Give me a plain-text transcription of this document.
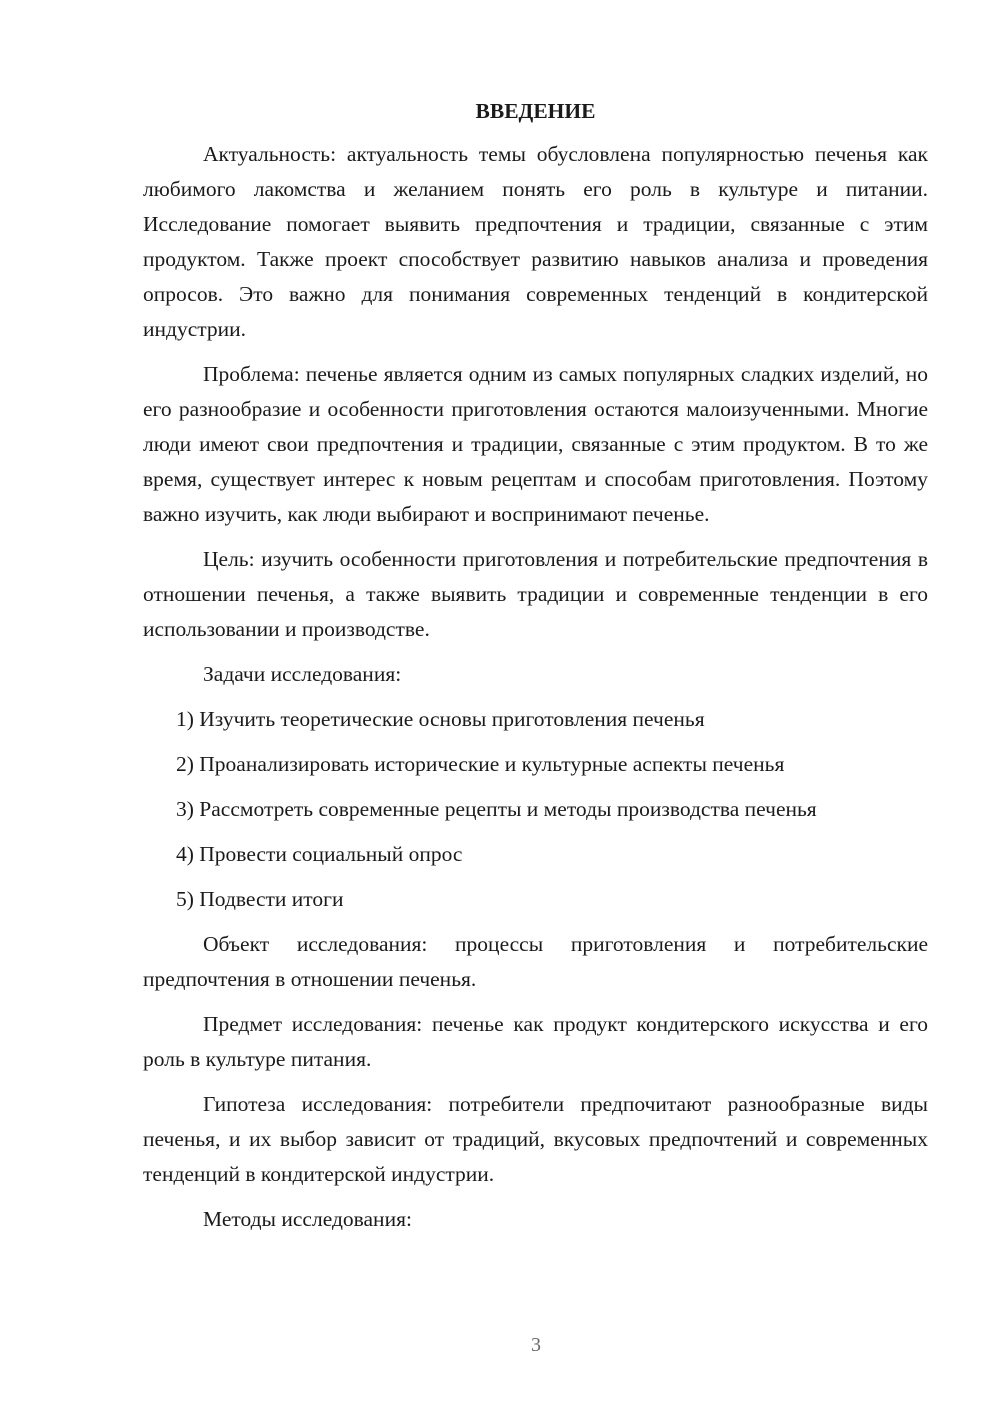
ВВЕДЕНИЕ

Актуальность: актуальность темы обусловлена популярностью печенья как любимого лакомства и желанием понять его роль в культуре и питании. Исследование помогает выявить предпочтения и традиции, связанные с этим продуктом. Также проект способствует развитию навыков анализа и проведения опросов. Это важно для понимания современных тенденций в кондитерской индустрии.

Проблема: печенье является одним из самых популярных сладких изделий, но его разнообразие и особенности приготовления остаются малоизученными. Многие люди имеют свои предпочтения и традиции, связанные с этим продуктом. В то же время, существует интерес к новым рецептам и способам приготовления. Поэтому важно изучить, как люди выбирают и воспринимают печенье.

Цель: изучить особенности приготовления и потребительские предпочтения в отношении печенья, а также выявить традиции и современные тенденции в его использовании и производстве.

Задачи исследования:

1) Изучить теоретические основы приготовления печенья
2) Проанализировать исторические и культурные аспекты печенья
3) Рассмотреть современные рецепты и методы производства печенья
4) Провести социальный опрос
5) Подвести итоги

Объект исследования: процессы приготовления и потребительские предпочтения в отношении печенья.

Предмет исследования: печенье как продукт кондитерского искусства и его роль в культуре питания.

Гипотеза исследования: потребители предпочитают разнообразные виды печенья, и их выбор зависит от традиций, вкусовых предпочтений и современных тенденций в кондитерской индустрии.

Методы исследования:

3
